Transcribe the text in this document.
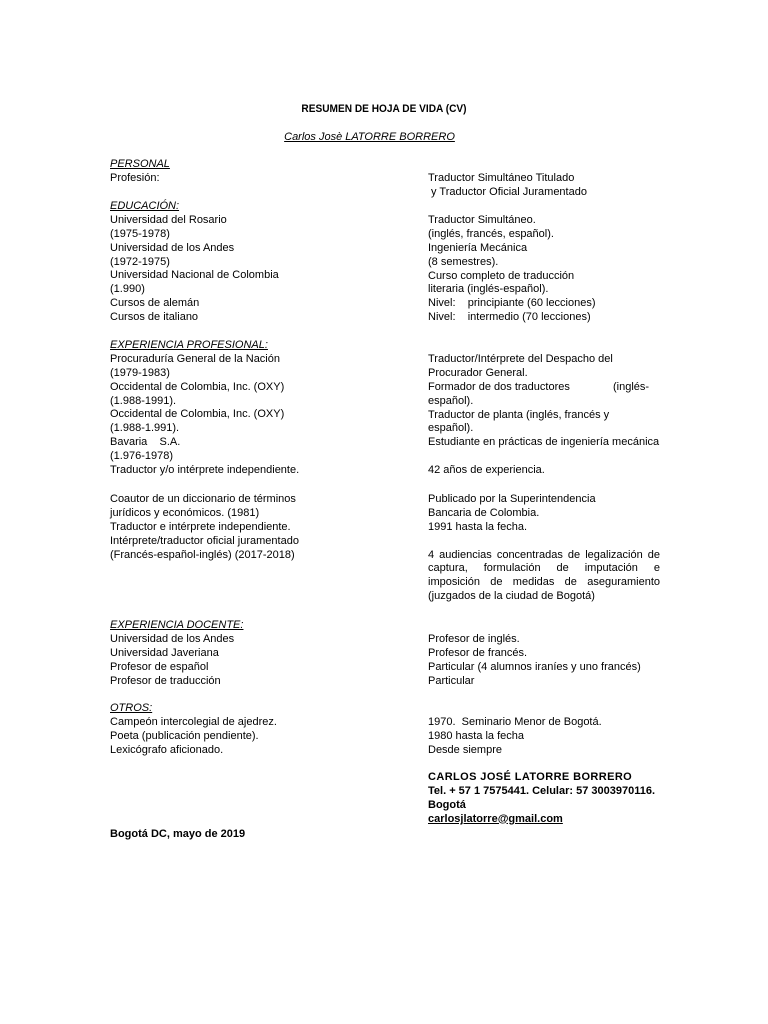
RESUMEN DE HOJA DE VIDA (CV)
Carlos Josè LATORRE BORRERO
PERSONAL
Profesión:	Traductor Simultáneo Titulado
y Traductor Oficial Juramentado
EDUCACIÓN:
Universidad del Rosario
(1975-1978)
Universidad de los Andes
(1972-1975)
Universidad Nacional de Colombia
(1.990)
Cursos de alemán
Cursos de italiano
Traductor Simultáneo.
(inglés, francés, español).
Ingeniería Mecánica
(8 semestres).
Curso completo de traducción
literaria (inglés-español).
Nivel:    principiante (60 lecciones)
Nivel:    intermedio (70 lecciones)
EXPERIENCIA PROFESIONAL:
Procuraduría General de la Nación
(1979-1983)
Occidental de Colombia, Inc. (OXY)
(1.988-1991).
Occidental de Colombia, Inc. (OXY)
(1.988-1.991).
Bavaria    S.A.
(1.976-1978)
Traductor y/o intérprete independiente.
Traductor/Intérprete del Despacho del
Procurador General.
Formador de dos traductores	(inglés-
español).
Traductor de planta (inglés, francés y
español).
Estudiante en prácticas de ingeniería mecánica
42 años de experiencia.
Coautor de un diccionario de términos
jurídicos y económicos. (1981)
Traductor e intérprete independiente.
Intérprete/traductor oficial juramentado
(Francés-español-inglés) (2017-2018)
Publicado por la Superintendencia
Bancaria de Colombia.
1991 hasta la fecha.
4 audiencias concentradas de legalización de captura, formulación de imputación e imposición de medidas de aseguramiento (juzgados de la ciudad de Bogotá)
EXPERIENCIA DOCENTE:
Universidad de los Andes
Universidad Javeriana
Profesor de español
Profesor de traducción
Profesor de inglés.
Profesor de francés.
Particular (4 alumnos iraníes y uno francés)
Particular
OTROS:
Campeón intercolegial de ajedrez.
Poeta (publicación pendiente).
Lexicógrafo aficionado.
1970.  Seminario Menor de Bogotá.
1980 hasta la fecha
Desde siempre
CARLOS JOSÉ LATORRE BORRERO
Tel. + 57 1 7575441. Celular: 57 3003970116.
Bogotá
carlosjlatorre@gmail.com
Bogotá DC, mayo de 2019
